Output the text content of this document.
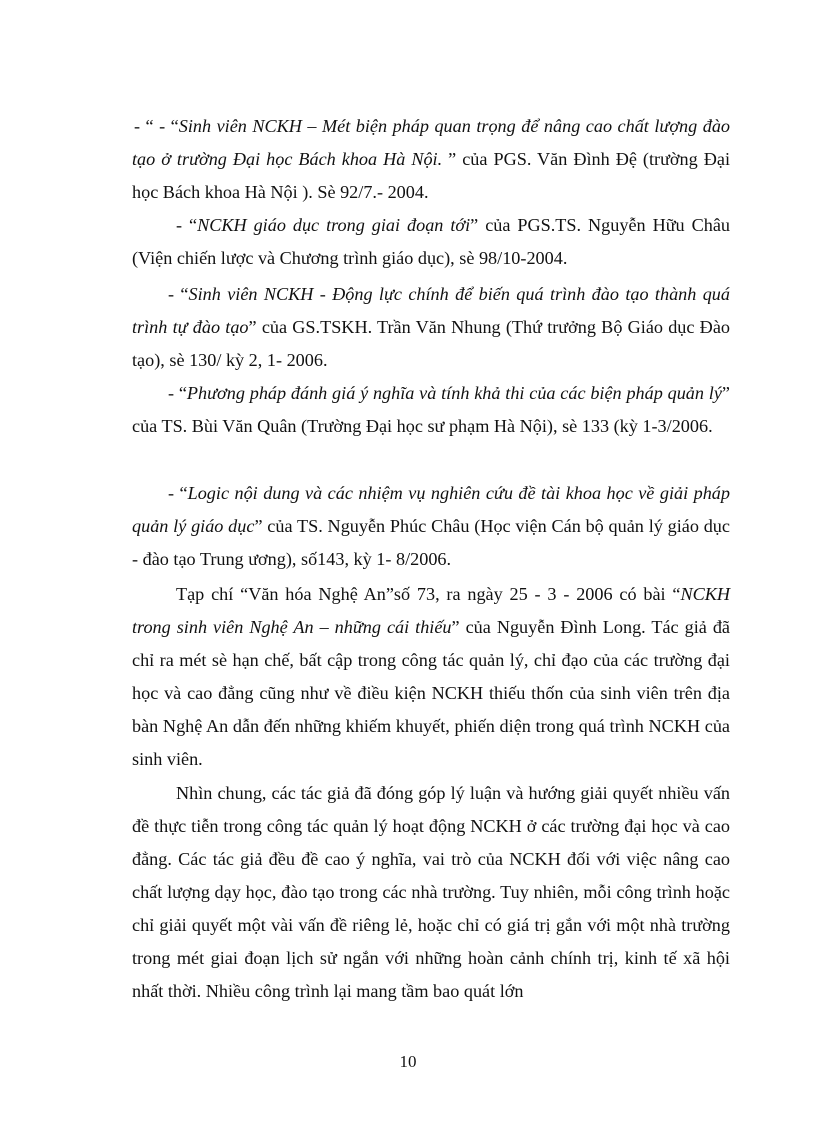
- “ - “Sinh viên NCKH – Mét biện pháp quan trọng để nâng cao chất lượng đào tạo ở trường Đại học Bách khoa Hà Nội. ” của PGS. Văn Đình Đệ (trường Đại học Bách khoa Hà Nội ). Sè 92/7.- 2004.

- “NCKH giáo dục trong giai đoạn tới” của PGS.TS. Nguyễn Hữu Châu (Viện chiến lược và Chương trình giáo dục), sè 98/10-2004.

- “Sinh viên NCKH - Động lực chính để biến quá trình đào tạo thành quá trình tự đào tạo” của GS.TSKH. Trần Văn Nhung (Thứ trưởng Bộ Giáo dục Đào tạo), sè 130/ kỳ 2, 1- 2006.

- “Phương pháp đánh giá ý nghĩa và tính khả thi của các biện pháp quản lý” của TS. Bùi Văn Quân (Trường Đại học sư phạm Hà Nội), sè 133 (kỳ 1-3/2006.

- “Logic nội dung và các nhiệm vụ nghiên cứu đề tài khoa học về giải pháp quản lý giáo dục” của TS. Nguyễn Phúc Châu (Học viện Cán bộ quản lý giáo dục - đào tạo Trung ương), số143, kỳ 1- 8/2006.

Tạp chí “Văn hóa Nghệ An”số 73, ra ngày 25 - 3 - 2006 có bài “NCKH trong sinh viên Nghệ An – những cái thiếu” của Nguyễn Đình Long. Tác giả đã chỉ ra mét sè hạn chế, bất cập trong công tác quản lý, chỉ đạo của các trường đại học và cao đẳng cũng như về điều kiện NCKH thiếu thốn của sinh viên trên địa bàn Nghệ An dẫn đến những khiếm khuyết, phiến diện trong quá trình NCKH của sinh viên.

Nhìn chung, các tác giả đã đóng góp lý luận và hướng giải quyết nhiều vấn đề thực tiễn trong công tác quản lý hoạt động NCKH ở các trường đại học và cao đẳng. Các tác giả đều đề cao ý nghĩa, vai trò của NCKH đối với việc nâng cao chất lượng dạy học, đào tạo trong các nhà trường. Tuy nhiên, mỗi công trình hoặc chỉ giải quyết một vài vấn đề riêng lẻ, hoặc chỉ có giá trị gắn với một nhà trường trong mét giai đoạn lịch sử ngắn với những hoàn cảnh chính trị, kinh tế xã hội nhất thời. Nhiều công trình lại mang tầm bao quát lớn

10
